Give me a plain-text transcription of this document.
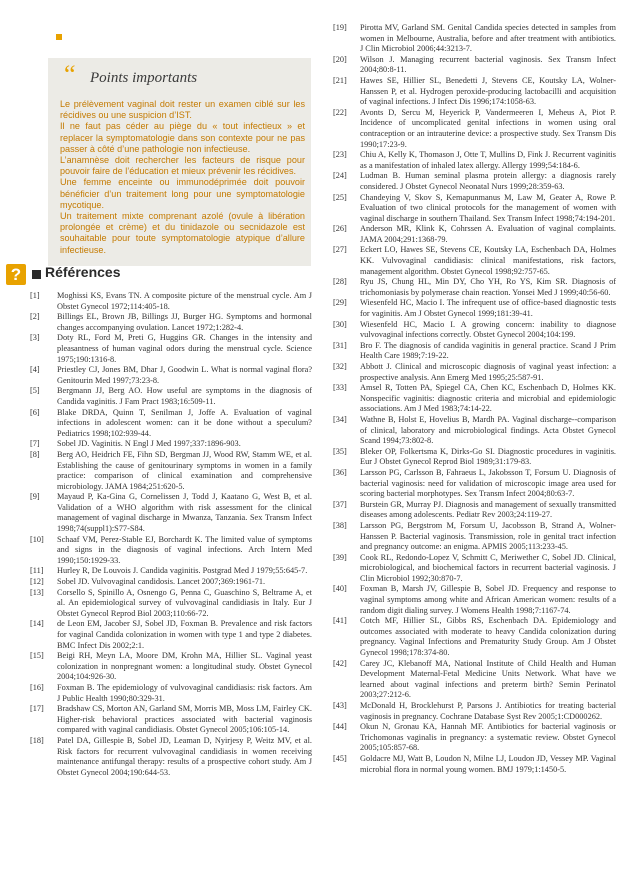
“ Points importants

Le prélèvement vaginal doit rester un examen ciblé sur les récidives ou une suspicion d’IST.

Il ne faut pas céder au piège du « tout infectieux » et replacer la symptomatologie dans son contexte pour ne pas passer à côté d’une pathologie non infectieuse.

L’anamnèse doit rechercher les facteurs de risque pour pouvoir faire de l’éducation et mieux prévenir les récidives.

Une femme enceinte ou immunodéprimée doit pouvoir bénéficier d’un traitement long pour une symptomatologie mycotique.

Un traitement mixte comprenant azolé (ovule à libération prolongée et crème) et du tinidazole ou secnidazole est souhaitable pour toute symptomatologie atypique d’allure infectieuse.

?	Références
[1] Moghissi KS, Evans TN. A composite picture of the menstrual cycle. Am J Obstet Gynecol 1972;114:405-18.
[2] Billings EL, Brown JB, Billings JJ, Burger HG. Symptoms and hormonal changes accompanying ovulation. Lancet 1972;1:282-4.
[3] Doty RL, Ford M, Preti G, Huggins GR. Changes in the intensity and pleasantness of human vaginal odors during the menstrual cycle. Science 1975;190:1316-8.
[4] Priestley CJ, Jones BM, Dhar J, Goodwin L. What is normal vaginal flora? Genitourin Med 1997;73:23-8.
[5] Bergmann JJ, Berg AO. How useful are symptoms in the diagnosis of Candida vaginitis. J Fam Pract 1983;16:509-11.
[6] Blake DRDA, Quinn T, Senilman J, Joffe A. Evaluation of vaginal infections in adolescent women: can it be done without a speculum? Pediatrics 1998;102:939-44.
[7] Sobel JD. Vaginitis. N Engl J Med 1997;337:1896-903.
[8] Berg AO, Heidrich FE, Fihn SD, Bergman JJ, Wood RW, Stamm WE, et al. Establishing the cause of genitourinary symptoms in women in a family practice: comparison of clinical examination and comprehensive microbiology. JAMA 1984;251:620-5.
[9] Mayaud P, Ka-Gina G, Cornelissen J, Todd J, Kaatano G, West B, et al. Validation of a WHO algorithm with risk assessment for the clinical management of vaginal discharge in Mwanza, Tanzania. Sex Transm Infect 1998;74(suppl1):S77-S84.
[10] Schaaf VM, Perez-Stable EJ, Borchardt K. The limited value of symptoms and signs in the diagnosis of vaginal infections. Arch Intern Med 1990;150:1929-33.
[11] Hurley R, De Louvois J. Candida vaginitis. Postgrad Med J 1979;55:645-7.
[12] Sobel JD. Vulvovaginal candidosis. Lancet 2007;369:1961-71.
[13] Corsello S, Spinillo A, Osnengo G, Penna C, Guaschino S, Beltrame A, et al. An epidemiological survey of vulvovaginal candidiasis in Italy. Eur J Obstet Gynecol Reprod Biol 2003;110:66-72.
[14] de Leon EM, Jacober SJ, Sobel JD, Foxman B. Prevalence and risk factors for vaginal Candida colonization in women with type 1 and type 2 diabetes. BMC Infect Dis 2002;2:1.
[15] Beigi RH, Meyn LA, Moore DM, Krohn MA, Hillier SL. Vaginal yeast colonization in nonpregnant women: a longitudinal study. Obstet Gynecol 2004;104:926-30.
[16] Foxman B. The epidemiology of vulvovaginal candidiasis: risk factors. Am J Public Health 1990;80:329-31.
[17] Bradshaw CS, Morton AN, Garland SM, Morris MB, Moss LM, Fairley CK. Higher-risk behavioral practices associated with bacterial vaginosis compared with vaginal candidiasis. Obstet Gynecol 2005;106:105-14.
[18] Patel DA, Gillespie B, Sobel JD, Leaman D, Nyirjesy P, Weitz MV, et al. Risk factors for recurrent vulvovaginal candidiasis in women receiving maintenance antifungal therapy: results of a prospective cohort study. Am J Obstet Gynecol 2004;190:644-53.
[19] Pirotta MV, Garland SM. Genital Candida species detected in samples from women in Melbourne, Australia, before and after treatment with antibiotics. J Clin Microbiol 2006;44:3213-7.
[20] Wilson J. Managing recurrent bacterial vaginosis. Sex Transm Infect 2004;80:8-11.
[21] Hawes SE, Hillier SL, Benedetti J, Stevens CE, Koutsky LA, Wolner-Hanssen P, et al. Hydrogen peroxide-producing lactobacilli and acquisition of vaginal infections. J Infect Dis 1996;174:1058-63.
[22] Avonts D, Sercu M, Heyerick P, Vandermeeren I, Meheus A, Piot P. Incidence of uncomplicated genital infections in women using oral contraception or an intrauterine device: a prospective study. Sex Transm Dis 1990;17:23-9.
[23] Chiu A, Kelly K, Thomason J, Otte T, Mullins D, Fink J. Recurrent vaginitis as a manifestation of inhaled latex allergy. Allergy 1999;54:184-6.
[24] Ludman B. Human seminal plasma protein allergy: a diagnosis rarely considered. J Obstet Gynecol Neonatal Nurs 1999;28:359-63.
[25] Chandeying V, Skov S, Kemapunmanus M, Law M, Geater A, Rowe P. Evaluation of two clinical protocols for the management of women with vaginal discharge in southern Thailand. Sex Transm Infect 1998;74:194-201.
[26] Anderson MR, Klink K, Cohrssen A. Evaluation of vaginal complaints. JAMA 2004;291:1368-79.
[27] Eckert LO, Hawes SE, Stevens CE, Koutsky LA, Eschenbach DA, Holmes KK. Vulvovaginal candidiasis: clinical manifestations, risk factors, management algorithm. Obstet Gynecol 1998;92:757-65.
[28] Ryu JS, Chung HL, Min DY, Cho YH, Ro YS, Kim SR. Diagnosis of trichomoniasis by polymerase chain reaction. Yonsei Med J 1999;40:56-60.
[29] Wiesenfeld HC, Macio I. The infrequent use of office-based diagnostic tests for vaginitis. Am J Obstet Gynecol 1999;181:39-41.
[30] Wiesenfeld HC, Macio I. A growing concern: inability to diagnose vulvovaginal infections correctly. Obstet Gynecol 2004;104:199.
[31] Bro F. The diagnosis of candida vaginitis in general practice. Scand J Prim Health Care 1989;7:19-22.
[32] Abbott J. Clinical and microscopic diagnosis of vaginal yeast infection: a prospective analysis. Ann Emerg Med 1995;25:587-91.
[33] Amsel R, Totten PA, Spiegel CA, Chen KC, Eschenbach D, Holmes KK. Nonspecific vaginitis: diagnostic criteria and microbial and epidemiologic associations. Am J Med 1983;74:14-22.
[34] Wathne B, Holst E, Hovelius B, Mardh PA. Vaginal discharge--comparison of clinical, laboratory and microbiological findings. Acta Obstet Gynecol Scand 1994;73:802-8.
[35] Bleker OP, Folkertsma K, Dirks-Go SI. Diagnostic procedures in vaginitis. Eur J Obstet Gynecol Reprod Biol 1989;31:179-83.
[36] Larsson PG, Carlsson B, Fahraeus L, Jakobsson T, Forsum U. Diagnosis of bacterial vaginosis: need for validation of microscopic image area used for scoring bacterial morphotypes. Sex Transm Infect 2004;80:63-7.
[37] Burstein GR, Murray PJ. Diagnosis and management of sexually transmitted diseases among adolescents. Pediatr Rev 2003;24:119-27.
[38] Larsson PG, Bergstrom M, Forsum U, Jacobsson B, Strand A, Wolner-Hanssen P. Bacterial vaginosis. Transmission, role in genital tract infection and pregnancy outcome: an enigma. APMIS 2005;113:233-45.
[39] Cook RL, Redondo-Lopez V, Schmitt C, Meriwether C, Sobel JD. Clinical, microbiological, and biochemical factors in recurrent bacterial vaginosis. J Clin Microbiol 1992;30:870-7.
[40] Foxman B, Marsh JV, Gillespie B, Sobel JD. Frequency and response to vaginal symptoms among white and African American women: results of a random digit dialing survey. J Womens Health 1998;7:1167-74.
[41] Cotch MF, Hillier SL, Gibbs RS, Eschenbach DA. Epidemiology and outcomes associated with moderate to heavy Candida colonization during pregnancy. Vaginal Infections and Prematurity Study Group. Am J Obstet Gynecol 1998;178:374-80.
[42] Carey JC, Klebanoff MA, National Institute of Child Health and Human Development Maternal-Fetal Medicine Units Network. What have we learned about vaginal infections and preterm birth? Semin Perinatol 2003;27:212-6.
[43] McDonald H, Brocklehurst P, Parsons J. Antibiotics for treating bacterial vaginosis in pregnancy. Cochrane Database Syst Rev 2005;1:CD000262.
[44] Okun N, Gronau KA, Hannah MF. Antibiotics for bacterial vaginosis or Trichomonas vaginalis in pregnancy: a systematic review. Obstet Gynecol 2005;105:857-68.
[45] Goldacre MJ, Watt B, Loudon N, Milne LJ, Loudon JD, Vessey MP. Vaginal microbial flora in normal young women. BMJ 1979;1:1450-5.
